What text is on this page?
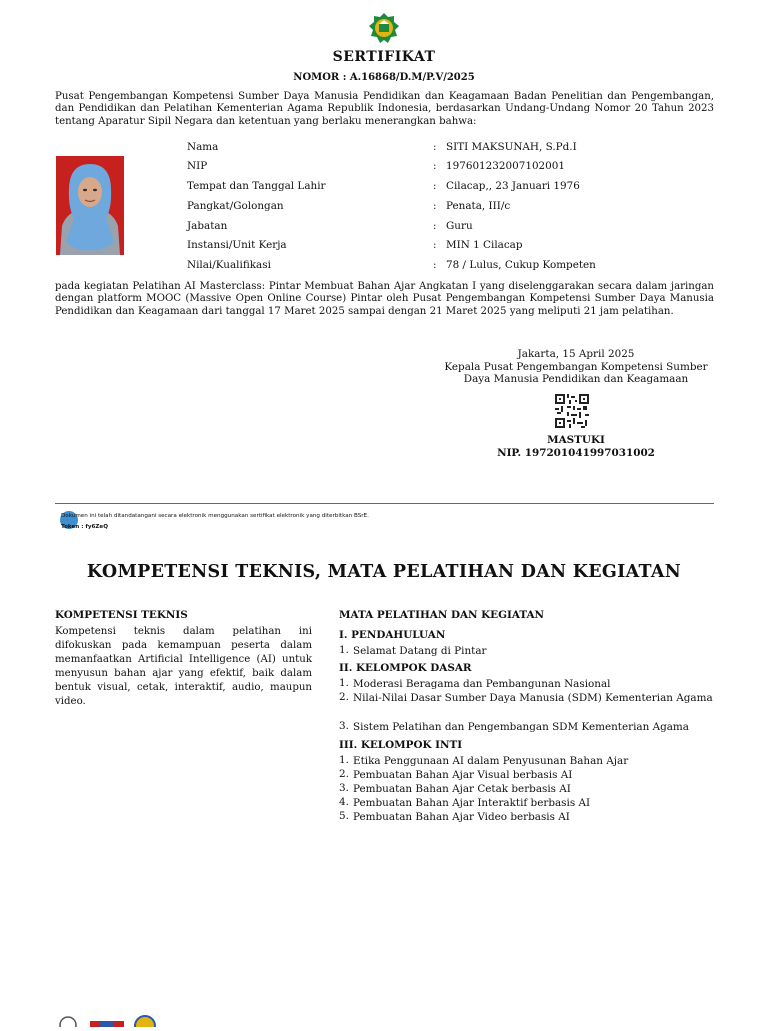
SERTIFIKAT
NOMOR : A.16868/D.M/P.V/2025
Pusat Pengembangan Kompetensi Sumber Daya Manusia Pendidikan dan Keagamaan Badan Penelitian dan Pengembangan, dan Pendidikan dan Pelatihan Kementerian Agama Republik Indonesia, berdasarkan Undang-Undang Nomor 20 Tahun 2023 tentang Aparatur Sipil Negara dan ketentuan yang berlaku menerangkan bahwa:
Nama	: SITI MAKSUNAH, S.Pd.I
NIP	: 197601232007102001
Tempat dan Tanggal Lahir	: Cilacap,, 23 Januari 1976
Pangkat/Golongan	: Penata, III/c
Jabatan	: Guru
Instansi/Unit Kerja	: MIN 1 Cilacap
Nilai/Kualifikasi	: 78 / Lulus, Cukup Kompeten
pada kegiatan Pelatihan AI Masterclass: Pintar Membuat Bahan Ajar Angkatan I yang diselenggarakan secara dalam jaringan dengan platform MOOC (Massive Open Online Course) Pintar oleh Pusat Pengembangan Kompetensi Sumber Daya Manusia Pendidikan dan Keagamaan dari tanggal 17 Maret 2025 sampai dengan 21 Maret 2025 yang meliputi 21 jam pelatihan.
Jakarta, 15 April 2025
Kepala Pusat Pengembangan Kompetensi Sumber
Daya Manusia Pendidikan dan Keagamaan
MASTUKI
NIP. 197201041997031002
Dokumen ini telah ditandatangani secara elektronik menggunakan sertifikat elektronik yang diterbitkan BSrE.
Token : fy6ZeQ
KOMPETENSI TEKNIS, MATA PELATIHAN DAN KEGIATAN
KOMPETENSI TEKNIS
Kompetensi teknis dalam pelatihan ini difokuskan pada kemampuan peserta dalam memanfaatkan Artificial Intelligence (AI) untuk menyusun bahan ajar yang efektif, baik dalam bentuk visual, cetak, interaktif, audio, maupun video.
MATA PELATIHAN DAN KEGIATAN
I. PENDAHULUAN
1. Selamat Datang di Pintar
II. KELOMPOK DASAR
1. Moderasi Beragama dan Pembangunan Nasional
2. Nilai-Nilai Dasar Sumber Daya Manusia (SDM) Kementerian Agama
3. Sistem Pelatihan dan Pengembangan SDM Kementerian Agama
III. KELOMPOK INTI
1. Etika Penggunaan AI dalam Penyusunan Bahan Ajar
2. Pembuatan Bahan Ajar Visual berbasis AI
3. Pembuatan Bahan Ajar Cetak berbasis AI
4. Pembuatan Bahan Ajar Interaktif berbasis AI
5. Pembuatan Bahan Ajar Video berbasis AI
